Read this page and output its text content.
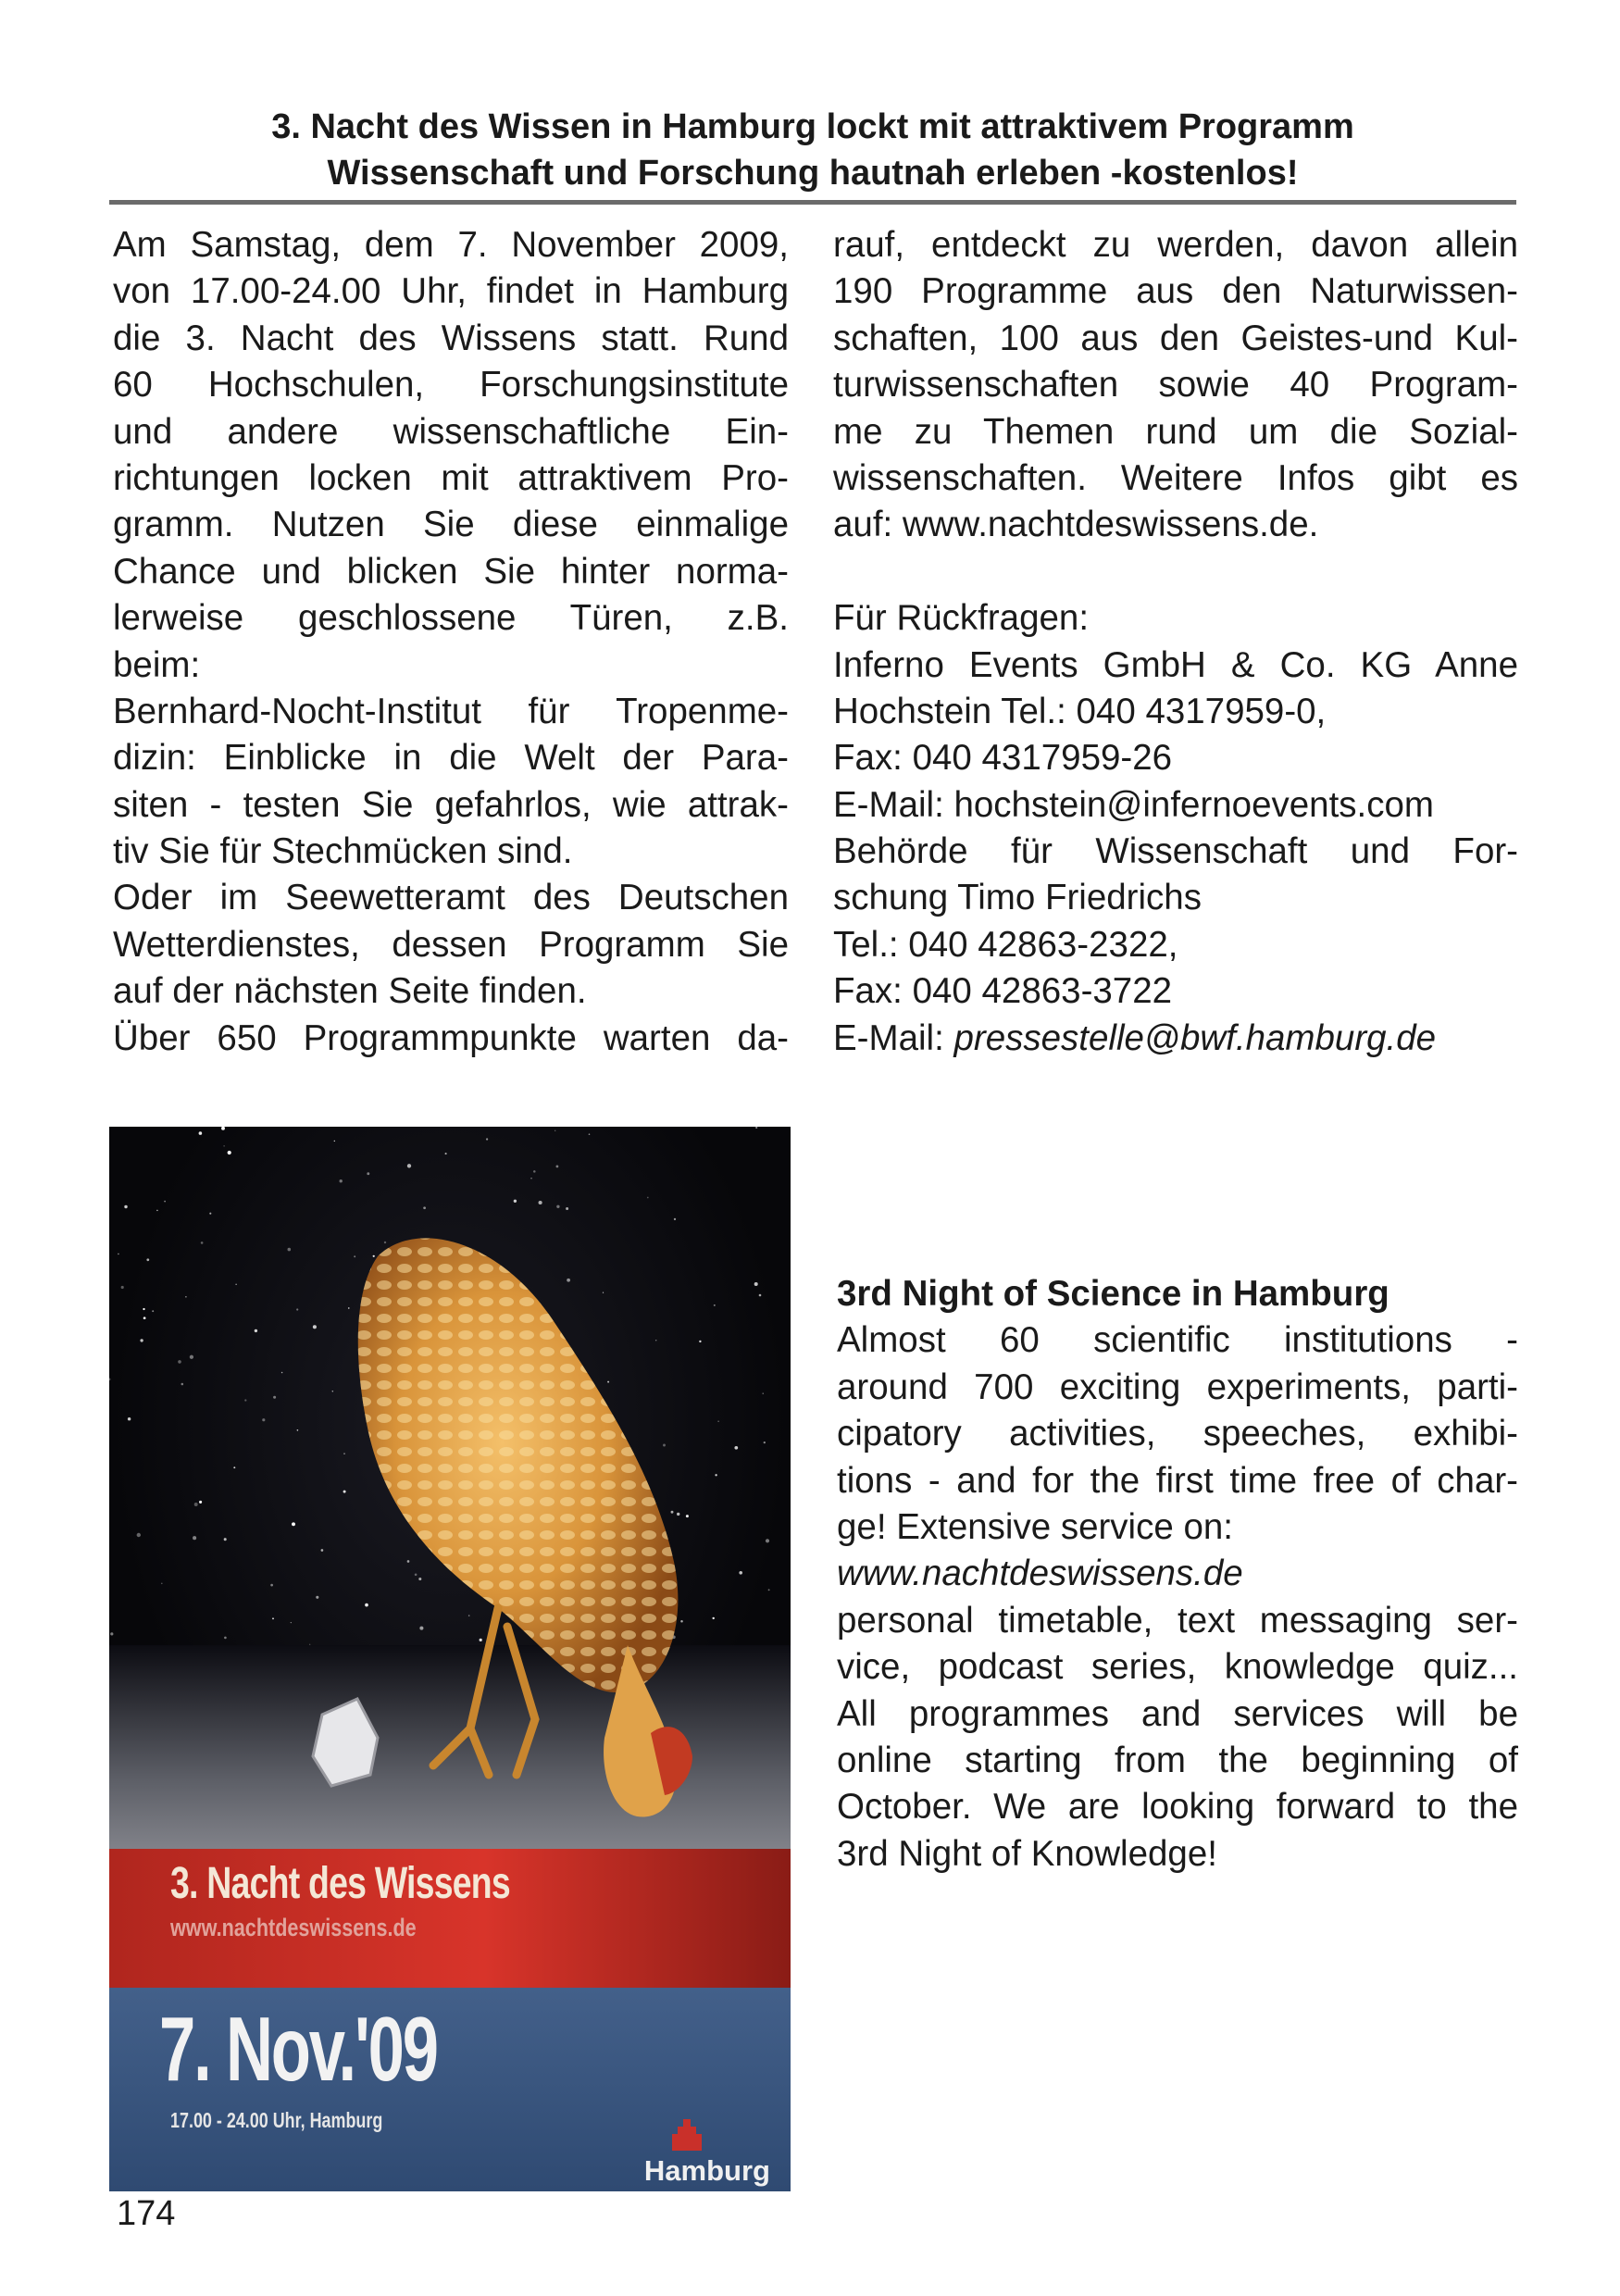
3. Nacht des Wissen in Hamburg lockt mit attraktivem Programm
Wissenschaft und Forschung hautnah erleben -kostenlos!
Am Samstag, dem 7. November 2009,
von 17.00-24.00 Uhr, findet in Hamburg
die 3. Nacht des Wissens statt. Rund
60 Hochschulen, Forschungsinstitute
und andere wissenschaftliche Ein-
richtungen locken mit attraktivem Pro-
gramm. Nutzen Sie diese einmalige
Chance und blicken Sie hinter norma-
lerweise geschlossene Türen, z.B.
beim:
Bernhard-Nocht-Institut für Tropenme-
dizin: Einblicke in die Welt der Para-
siten - testen Sie gefahrlos, wie attrak-
tiv Sie für Stechmücken sind.
Oder im Seewetteramt des Deutschen
Wetterdienstes, dessen Programm Sie
auf der nächsten Seite finden.
Über 650 Programmpunkte warten da-
rauf, entdeckt zu werden, davon allein
190 Programme aus den Naturwissen-
schaften, 100 aus den Geistes-und Kul-
turwissenschaften sowie 40 Program-
me zu Themen rund um die Sozial-
wissenschaften. Weitere Infos gibt es
auf: www.nachtdeswissens.de.
Für Rückfragen:
Inferno Events GmbH & Co. KG Anne
Hochstein Tel.: 040 4317959-0,
Fax: 040 4317959-26
E-Mail: hochstein@infernoevents.com
Behörde für Wissenschaft und For-
schung Timo Friedrichs
Tel.: 040 42863-2322,
Fax: 040 42863-3722
E-Mail: pressestelle@bwf.hamburg.de
3. Nacht des Wissens
www.nachtdeswissens.de
7. Nov.'09
17.00 - 24.00 Uhr, Hamburg
Hamburg
3rd Night of Science in Hamburg
Almost 60 scientific institutions -
around 700 exciting experiments, parti-
cipatory activities, speeches, exhibi-
tions - and for the first time free of char-
ge! Extensive service on:
www.nachtdeswissens.de
personal timetable, text messaging ser-
vice, podcast series, knowledge quiz...
All programmes and services will be
online starting from the beginning of
October. We are looking forward to the
3rd Night of Knowledge!
174
